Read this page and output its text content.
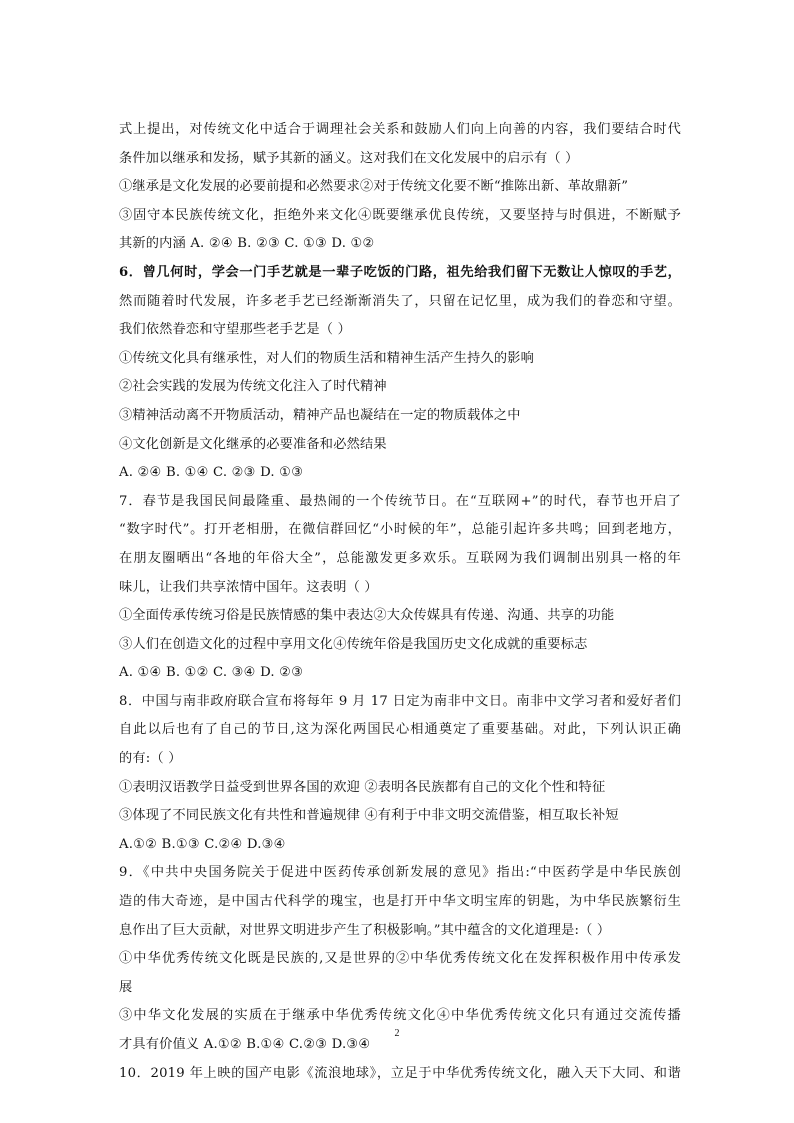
式上提出，对传统文化中适合于调理社会关系和鼓励人们向上向善的内容，我们要结合时代
条件加以继承和发扬，赋予其新的涵义。这对我们在文化发展中的启示有（ ）
①继承是文化发展的必要前提和必然要求②对于传统文化要不断“推陈出新、革故鼎新”
③固守本民族传统文化，拒绝外来文化④既要继承优良传统，又要坚持与时俱进，不断赋予
其新的内涵 A. ②④ B. ②③ C. ①③ D. ①②
6．曾几何时，学会一门手艺就是一辈子吃饭的门路，祖先给我们留下无数让人惊叹的手艺，
然而随着时代发展，许多老手艺已经渐渐消失了，只留在记忆里，成为我们的眷恋和守望。
我们依然眷恋和守望那些老手艺是（ ）
①传统文化具有继承性，对人们的物质生活和精神生活产生持久的影响
②社会实践的发展为传统文化注入了时代精神
③精神活动离不开物质活动，精神产品也凝结在一定的物质载体之中
④文化创新是文化继承的必要准备和必然结果
A. ②④ B. ①④ C. ②③ D. ①③
7．春节是我国民间最隆重、最热闹的一个传统节日。在“互联网+”的时代，春节也开启了
“数字时代”。打开老相册，在微信群回忆“小时候的年”，总能引起许多共鸣；回到老地方，
在朋友圈晒出“各地的年俗大全”，总能激发更多欢乐。互联网为我们调制出别具一格的年
味儿，让我们共享浓情中国年。这表明（ ）
①全面传承传统习俗是民族情感的集中表达②大众传媒具有传递、沟通、共享的功能
③人们在创造文化的过程中享用文化④传统年俗是我国历史文化成就的重要标志
A. ①④ B. ①② C. ③④ D. ②③
8．中国与南非政府联合宣布将每年 9 月 17 日定为南非中文日。南非中文学习者和爱好者们
自此以后也有了自己的节日,这为深化两国民心相通奠定了重要基础。对此，下列认识正确
的有:（ ）
①表明汉语教学日益受到世界各国的欢迎 ②表明各民族都有自己的文化个性和特征
③体现了不同民族文化有共性和普遍规律 ④有利于中非文明交流借鉴，相互取长补短
A.①② B.①③ C.②④ D.③④
9．《中共中央国务院关于促进中医药传承创新发展的意见》指出:“中医药学是中华民族创
造的伟大奇迹，是中国古代科学的瑰宝，也是打开中华文明宝库的钥匙，为中华民族繁衍生
息作出了巨大贡献，对世界文明进步产生了积极影响。”其中蕴含的文化道理是:（ ）
①中华优秀传统文化既是民族的,又是世界的②中华优秀传统文化在发挥积极作用中传承发
展
③中华文化发展的实质在于继承中华优秀传统文化④中华优秀传统文化只有通过交流传播
才具有价值义 A.①② B.①④ C.②③ D.③④
10．2019 年上映的国产电影《流浪地球》，立足于中华优秀传统文化，融入天下大同、和谐
2
